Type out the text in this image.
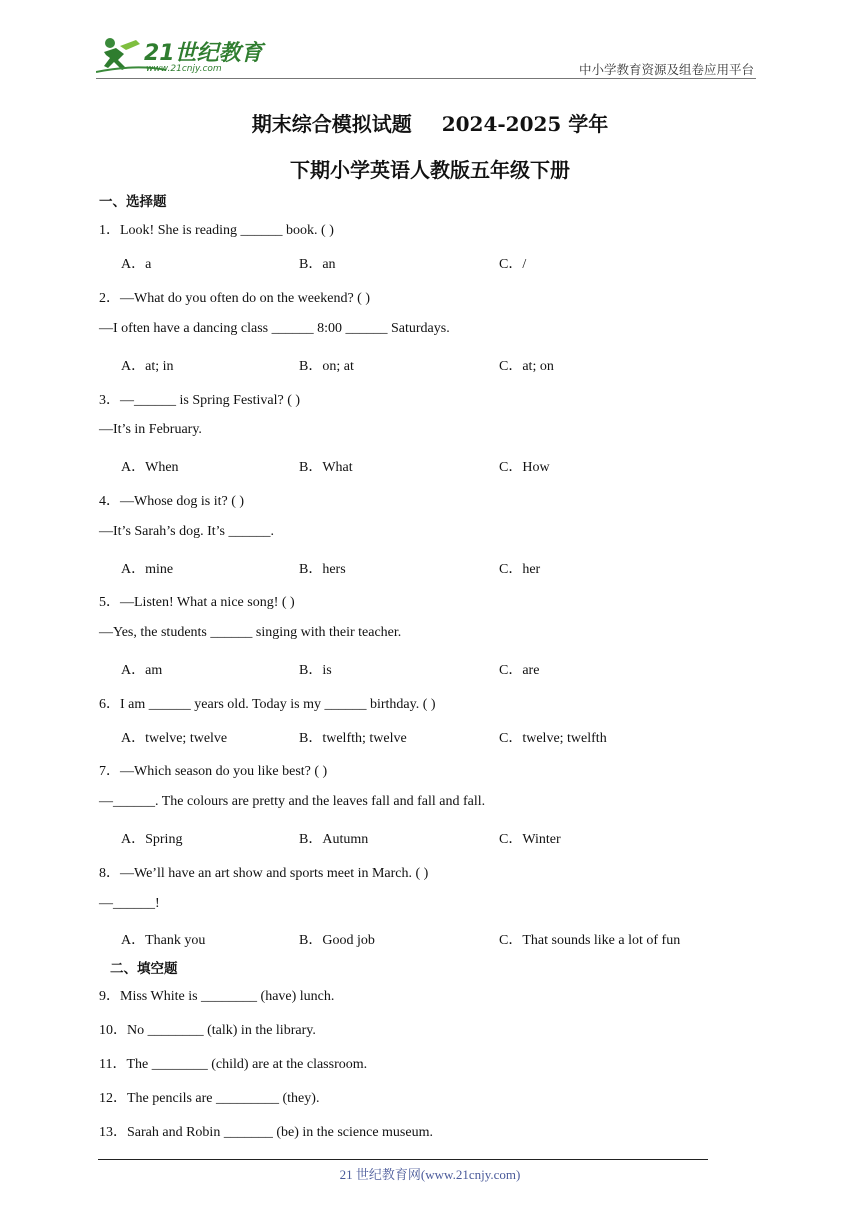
21世纪教育
www.21cnjy.com	中小学教育资源及组卷应用平台
期末综合模拟试题 2024-2025 学年
下期小学英语人教版五年级下册
一、选择题
1．Look! She is reading ______ book. ( )
A．a	B．an	C．/
2．—What do you often do on the weekend? ( )
—I often have a dancing class ______ 8:00 ______ Saturdays.
A．at; in	B．on; at	C．at; on
3．—______ is Spring Festival? ( )
—It’s in February.
A．When	B．What	C．How
4．—Whose dog is it? ( )
—It’s Sarah’s dog. It’s ______.
A．mine	B．hers	C．her
5．—Listen! What a nice song! ( )
—Yes, the students ______ singing with their teacher.
A．am	B．is	C．are
6．I am ______ years old. Today is my ______ birthday. ( )
A．twelve; twelve	B．twelfth; twelve	C．twelve; twelfth
7．—Which season do you like best? ( )
—______. The colours are pretty and the leaves fall and fall and fall.
A．Spring	B．Autumn	C．Winter
8．—We’ll have an art show and sports meet in March. ( )
—______!
A．Thank you	B．Good job	C．That sounds like a lot of fun
二、填空题
9．Miss White is ________ (have) lunch.
10．No ________ (talk) in the library.
11．The ________ (child) are at the classroom.
12．The pencils are _________ (they).
13．Sarah and Robin _______ (be) in the science museum.
21 世纪教育网(www.21cnjy.com)
